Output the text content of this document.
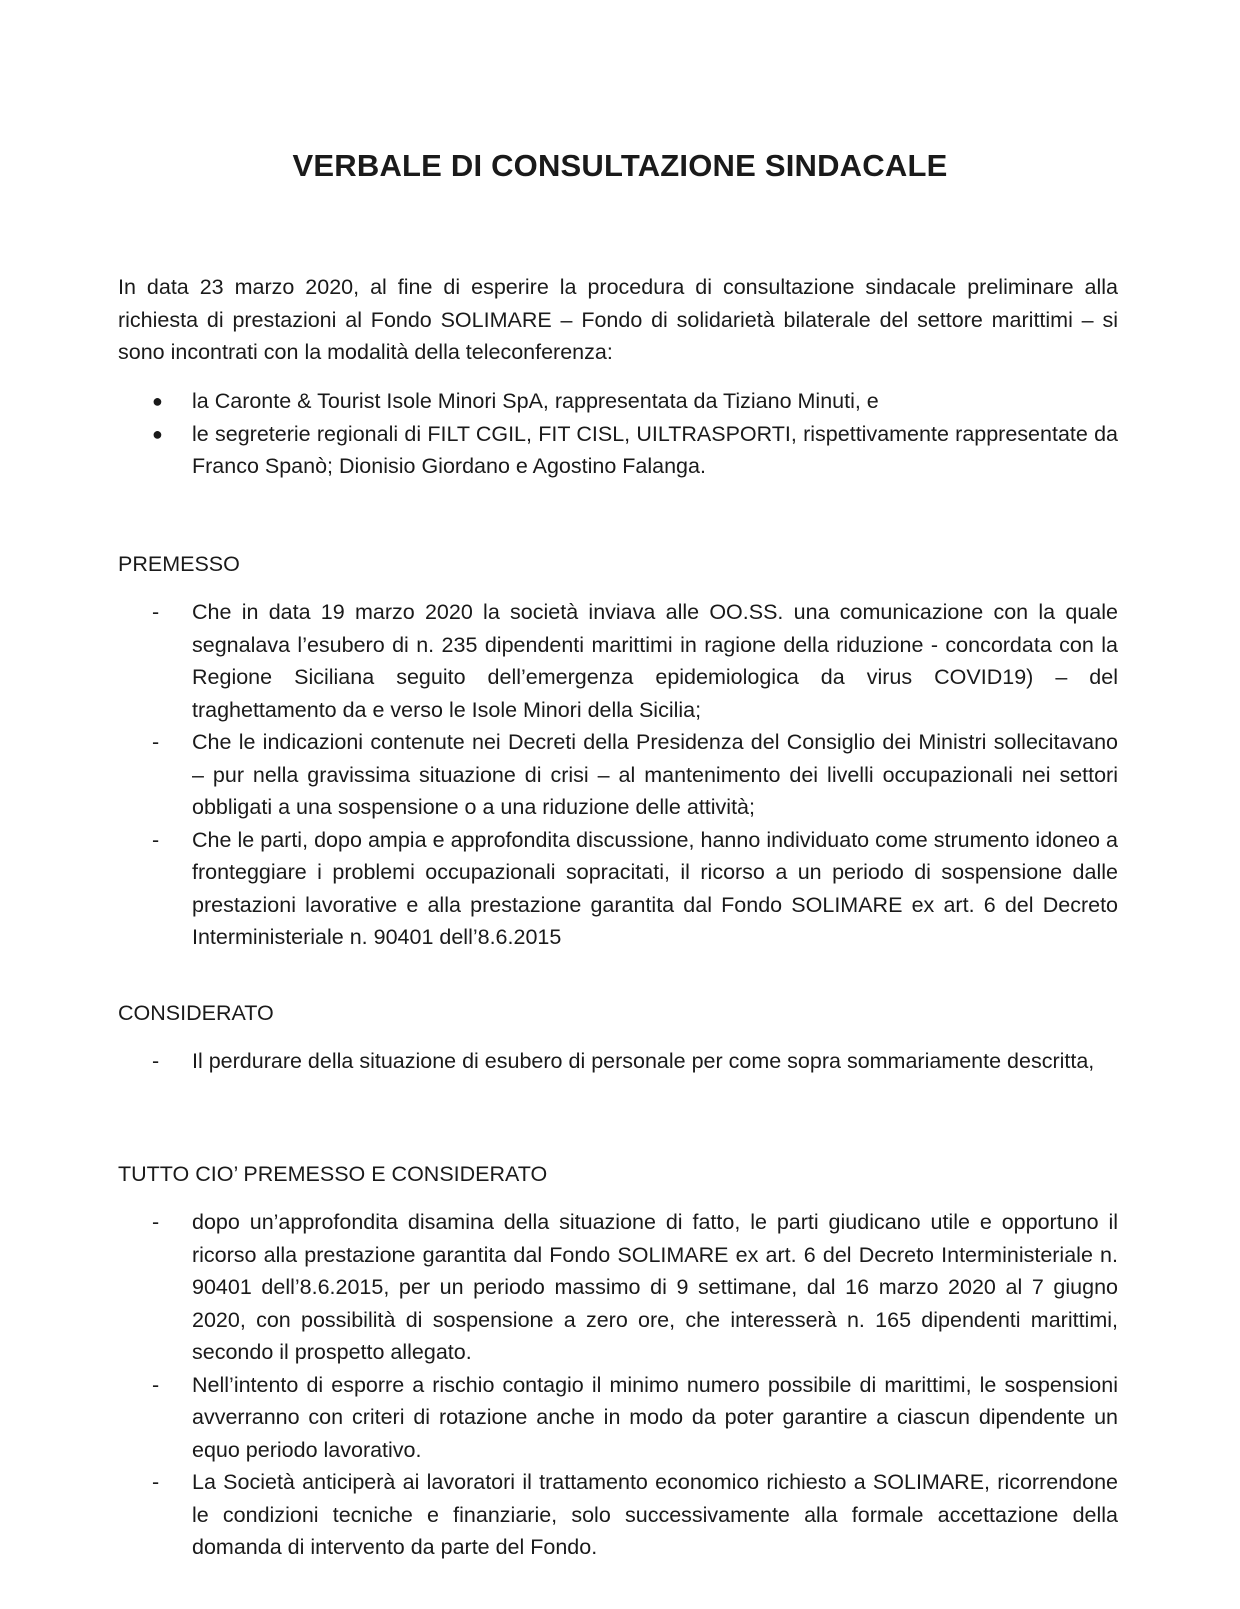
VERBALE DI CONSULTAZIONE SINDACALE
In data 23 marzo 2020, al fine di esperire la procedura di consultazione sindacale preliminare alla richiesta di prestazioni al Fondo SOLIMARE – Fondo di solidarietà bilaterale del settore marittimi – si sono incontrati con la modalità della teleconferenza:
●	la Caronte & Tourist Isole Minori SpA, rappresentata da Tiziano Minuti, e
●	le segreterie regionali di FILT CGIL, FIT CISL, UILTRASPORTI, rispettivamente rappresentate da Franco Spanò; Dionisio Giordano e Agostino Falanga.
PREMESSO
-	Che in data 19 marzo 2020 la società inviava alle OO.SS. una comunicazione con la quale segnalava l’esubero di n. 235 dipendenti marittimi in ragione della riduzione - concordata con la Regione Siciliana seguito dell’emergenza epidemiologica da virus COVID19) – del traghettamento da e verso le Isole Minori della Sicilia;
-	Che le indicazioni contenute nei Decreti della Presidenza del Consiglio dei Ministri sollecitavano – pur nella gravissima situazione di crisi – al mantenimento dei livelli occupazionali nei settori obbligati a una sospensione o a una riduzione delle attività;
-	Che le parti, dopo ampia e approfondita discussione, hanno individuato come strumento idoneo a fronteggiare i problemi occupazionali sopracitati, il ricorso a un periodo di sospensione dalle prestazioni lavorative e alla prestazione garantita dal Fondo SOLIMARE ex art. 6 del Decreto Interministeriale n. 90401 dell’8.6.2015
CONSIDERATO
-	Il perdurare della situazione di esubero di personale per come sopra sommariamente descritta,
TUTTO CIO’ PREMESSO E CONSIDERATO
-	dopo un’approfondita disamina della situazione di fatto, le parti giudicano utile e opportuno il ricorso alla prestazione garantita dal Fondo SOLIMARE ex art. 6 del Decreto Interministeriale n. 90401 dell’8.6.2015, per un periodo massimo di 9 settimane, dal 16 marzo 2020 al 7 giugno 2020, con possibilità di sospensione a zero ore, che interesserà n. 165 dipendenti marittimi, secondo il prospetto allegato.
-	Nell’intento di esporre a rischio contagio il minimo numero possibile di marittimi, le sospensioni avverranno con criteri di rotazione anche in modo da poter garantire a ciascun dipendente un equo periodo lavorativo.
-	La Società anticiperà ai lavoratori il trattamento economico richiesto a SOLIMARE, ricorrendone le condizioni tecniche e finanziarie, solo successivamente alla formale accettazione della domanda di intervento da parte del Fondo.
